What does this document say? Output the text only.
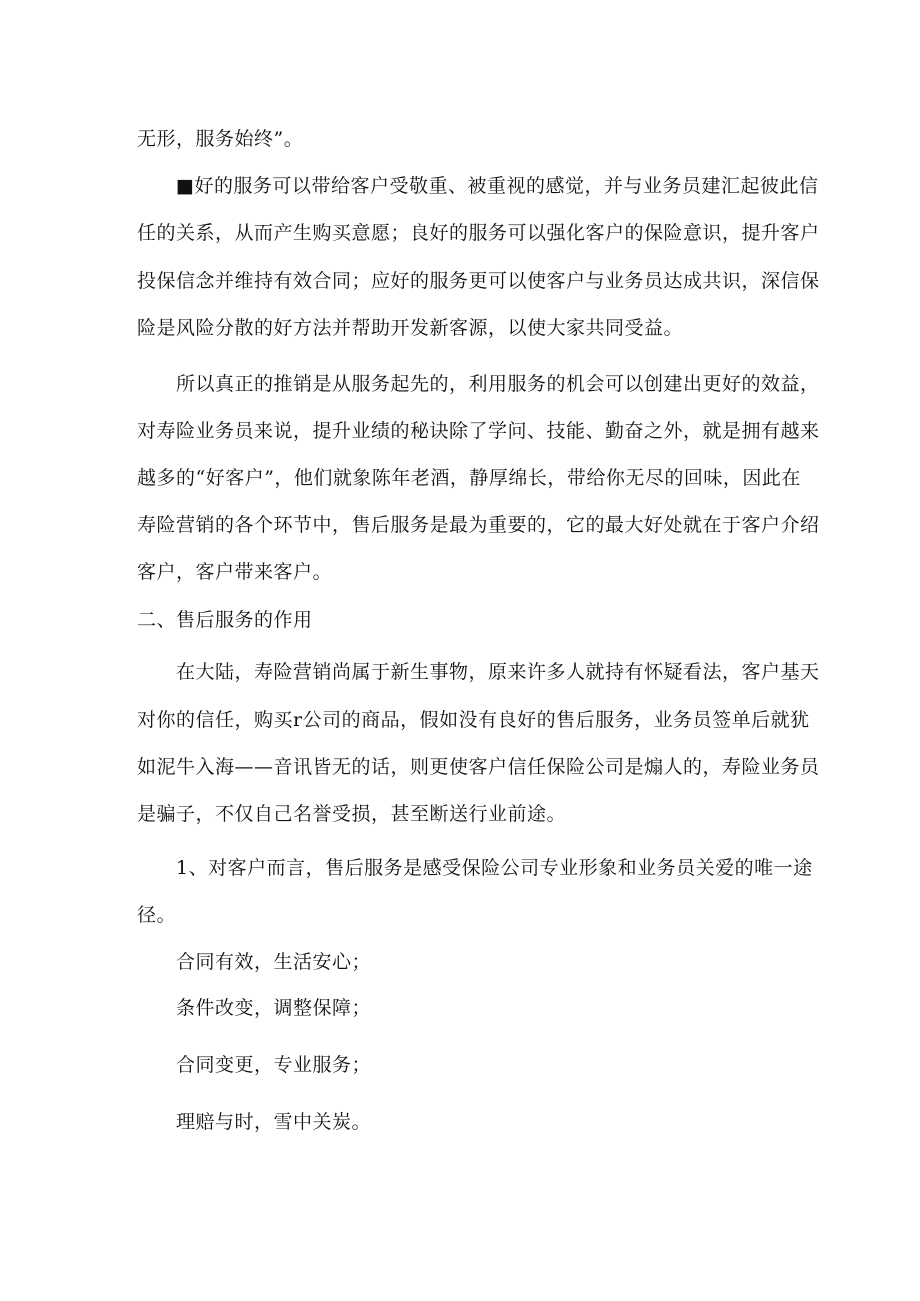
无形，服务始终”。
■好的服务可以带给客户受敬重、被重视的感觉，并与业务员建汇起彼此信
任的关系，从而产生购买意愿；良好的服务可以强化客户的保险意识，提升客户
投保信念并维持有效合同；应好的服务更可以使客户与业务员达成共识，深信保
险是风险分散的好方法并帮助开发新客源，以使大家共同受益。
所以真正的推销是从服务起先的，利用服务的机会可以创建出更好的效益，
对寿险业务员来说，提升业绩的秘诀除了学问、技能、勤奋之外，就是拥有越来
越多的“好客户”，他们就象陈年老酒，静厚绵长，带给你无尽的回味，因此在
寿险营销的各个环节中，售后服务是最为重要的，它的最大好处就在于客户介绍
客户，客户带来客户。
二、售后服务的作用
在大陆，寿险营销尚属于新生事物，原来许多人就持有怀疑看法，客户基天
对你的信任，购买r公司的商品，假如没有良好的售后服务，业务员签单后就犹
如泥牛入海——音讯皆无的话，则更使客户信任保险公司是煽人的，寿险业务员
是骗子，不仅自己名誉受损，甚至断送行业前途。
1、对客户而言，售后服务是感受保险公司专业形象和业务员关爱的唯一途
径。
合同有效，生活安心；
条件改变，调整保障；
合同变更，专业服务；
理赔与时，雪中关炭。
